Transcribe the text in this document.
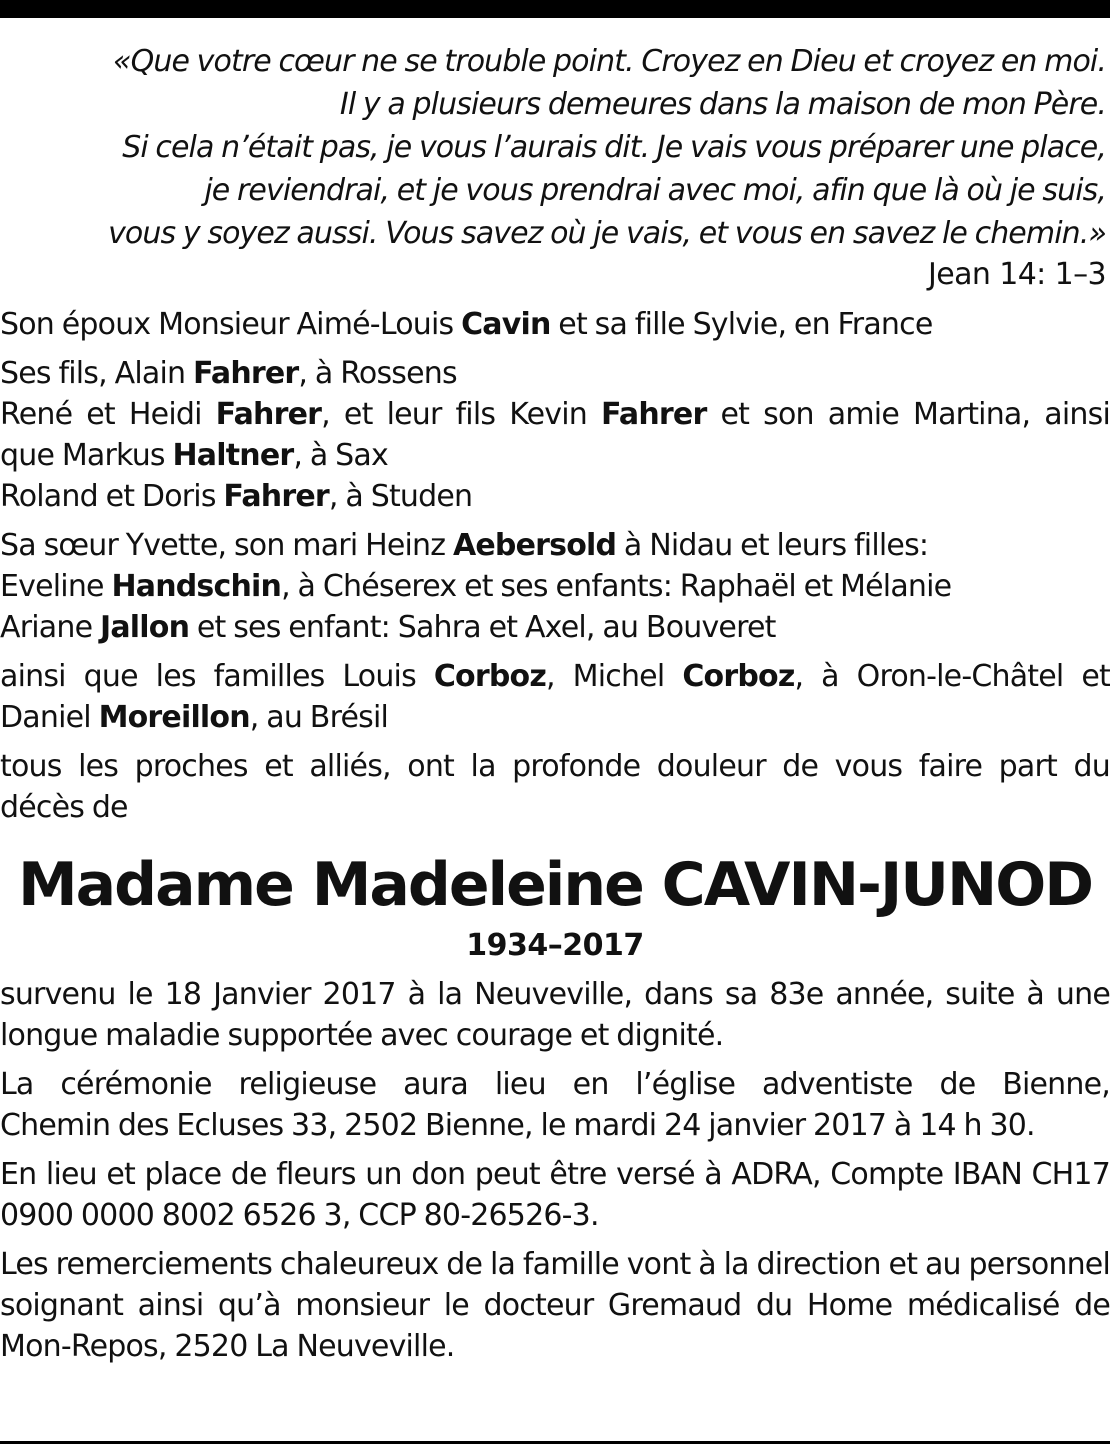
«Que votre cœur ne se trouble point. Croyez en Dieu et croyez en moi.
Il y a plusieurs demeures dans la maison de mon Père.
Si cela n’était pas, je vous l’aurais dit. Je vais vous préparer une place,
je reviendrai, et je vous prendrai avec moi, afin que là où je suis,
vous y soyez aussi. Vous savez où je vais, et vous en savez le chemin.»
Jean 14: 1–3
Son époux Monsieur Aimé-Louis Cavin et sa fille Sylvie, en France
Ses fils, Alain Fahrer, à Rossens
René et Heidi Fahrer, et leur fils Kevin Fahrer et son amie Martina, ainsi
que Markus Haltner, à Sax
Roland et Doris Fahrer, à Studen
Sa sœur Yvette, son mari Heinz Aebersold à Nidau et leurs filles:
Eveline Handschin, à Chéserex et ses enfants: Raphaël et Mélanie
Ariane Jallon et ses enfant: Sahra et Axel, au Bouveret
ainsi que les familles Louis Corboz, Michel Corboz, à Oron-le-Châtel et
Daniel Moreillon, au Brésil
tous les proches et alliés, ont la profonde douleur de vous faire part du
décès de
Madame Madeleine CAVIN-JUNOD
1934–2017
survenu le 18 Janvier 2017 à la Neuveville, dans sa 83e année, suite à une
longue maladie supportée avec courage et dignité.
La cérémonie religieuse aura lieu en l’église adventiste de Bienne,
Chemin des Ecluses 33, 2502 Bienne, le mardi 24 janvier 2017 à 14 h 30.
En lieu et place de fleurs un don peut être versé à ADRA, Compte IBAN CH17
0900 0000 8002 6526 3, CCP 80-26526-3.
Les remerciements chaleureux de la famille vont à la direction et au personnel
soignant ainsi qu’à monsieur le docteur Gremaud du Home médicalisé de
Mon-Repos, 2520 La Neuveville.
